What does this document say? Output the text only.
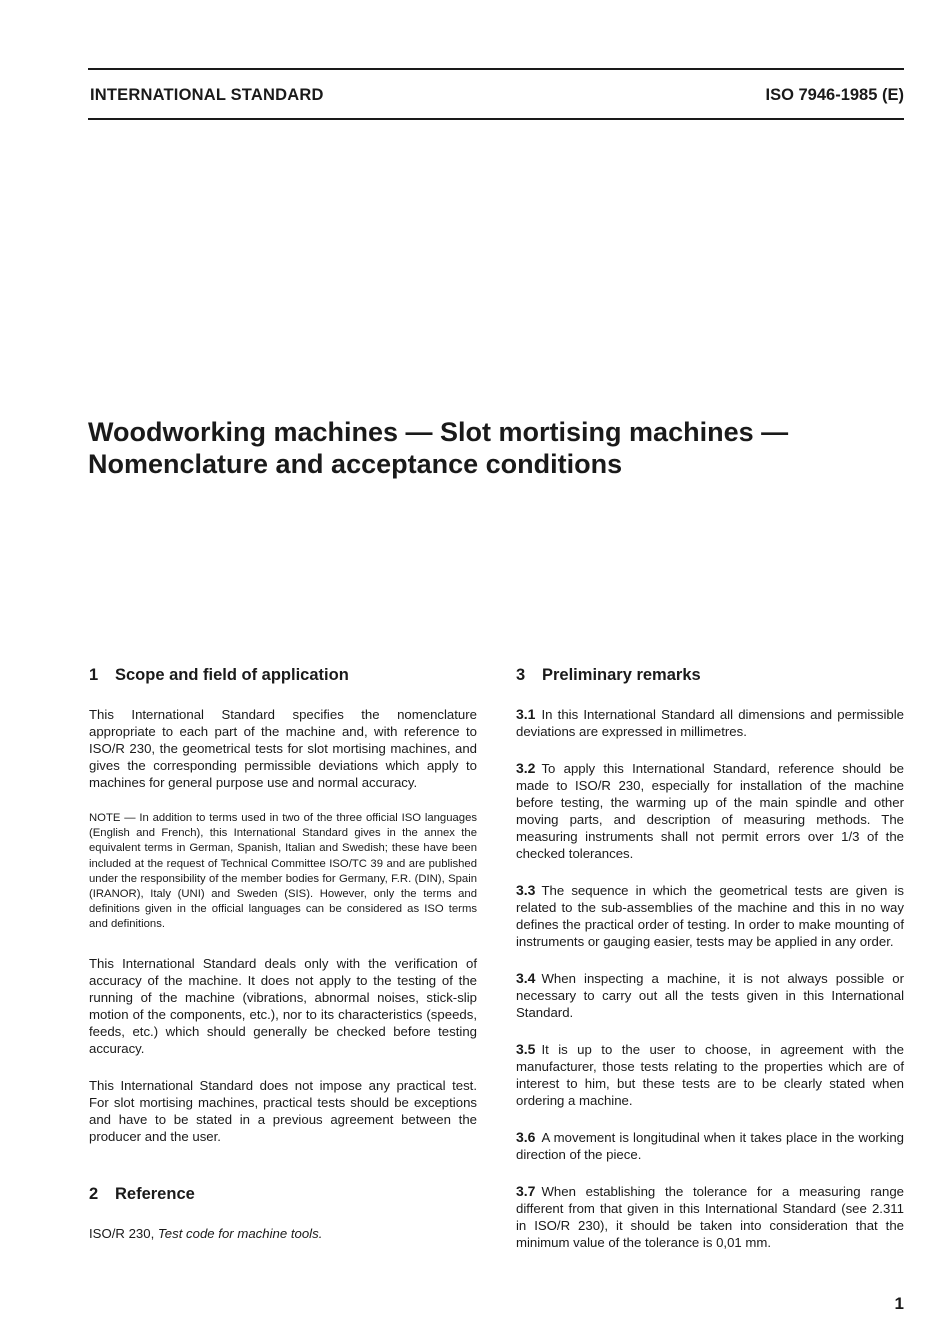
INTERNATIONAL STANDARD	ISO 7946-1985 (E)
Woodworking machines — Slot mortising machines —
Nomenclature and acceptance conditions
1 Scope and field of application

This International Standard specifies the nomenclature appropriate to each part of the machine and, with reference to ISO/R 230, the geometrical tests for slot mortising machines, and gives the corresponding permissible deviations which apply to machines for general purpose use and normal accuracy.

NOTE — In addition to terms used in two of the three official ISO languages (English and French), this International Standard gives in the annex the equivalent terms in German, Spanish, Italian and Swedish; these have been included at the request of Technical Committee ISO/TC 39 and are published under the responsibility of the member bodies for Germany, F.R. (DIN), Spain (IRANOR), Italy (UNI) and Sweden (SIS). However, only the terms and definitions given in the official languages can be considered as ISO terms and definitions.

This International Standard deals only with the verification of accuracy of the machine. It does not apply to the testing of the running of the machine (vibrations, abnormal noises, stick-slip motion of the components, etc.), nor to its characteristics (speeds, feeds, etc.) which should generally be checked before testing accuracy.

This International Standard does not impose any practical test. For slot mortising machines, practical tests should be exceptions and have to be stated in a previous agreement between the producer and the user.

2 Reference

ISO/R 230, Test code for machine tools.

3 Preliminary remarks

3.1 In this International Standard all dimensions and permissible deviations are expressed in millimetres.

3.2 To apply this International Standard, reference should be made to ISO/R 230, especially for installation of the machine before testing, the warming up of the main spindle and other moving parts, and description of measuring methods. The measuring instruments shall not permit errors over 1/3 of the checked tolerances.

3.3 The sequence in which the geometrical tests are given is related to the sub-assemblies of the machine and this in no way defines the practical order of testing. In order to make mounting of instruments or gauging easier, tests may be applied in any order.

3.4 When inspecting a machine, it is not always possible or necessary to carry out all the tests given in this International Standard.

3.5 It is up to the user to choose, in agreement with the manufacturer, those tests relating to the properties which are of interest to him, but these tests are to be clearly stated when ordering a machine.

3.6 A movement is longitudinal when it takes place in the working direction of the piece.

3.7 When establishing the tolerance for a measuring range different from that given in this International Standard (see 2.311 in ISO/R 230), it should be taken into consideration that the minimum value of the tolerance is 0,01 mm.

1
